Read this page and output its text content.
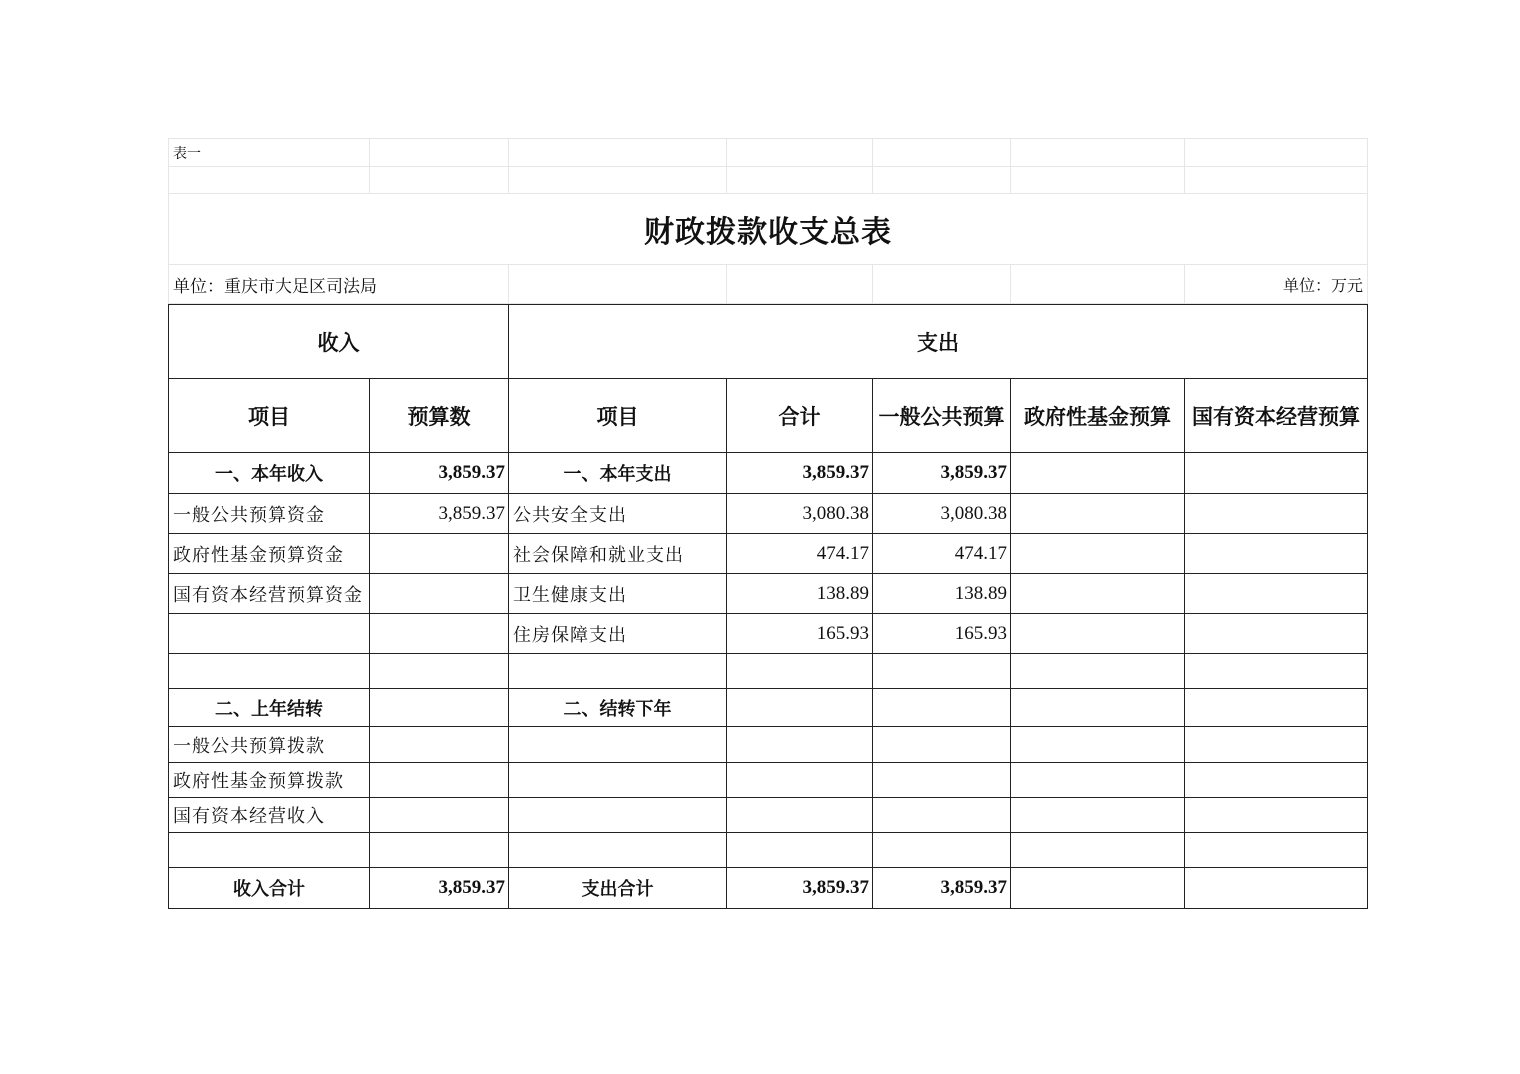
表一						

财政拨款收支总表						
单位：重庆市大足区司法局						单位：万元
收入		支出				
项目	预算数	项目	合计	一般公共预算	政府性基金预算	国有资本经营预算
一、本年收入	3,859.37	一、本年支出	3,859.37	3,859.37		
一般公共预算资金	3,859.37	公共安全支出	3,080.38	3,080.38		
政府性基金预算资金		社会保障和就业支出	474.17	474.17		
国有资本经营预算资金		卫生健康支出	138.89	138.89		
		住房保障支出	165.93	165.93		

二、上年结转		二、结转下年				
一般公共预算拨款						
政府性基金预算拨款						
国有资本经营收入						

收入合计	3,859.37	支出合计	3,859.37	3,859.37		
